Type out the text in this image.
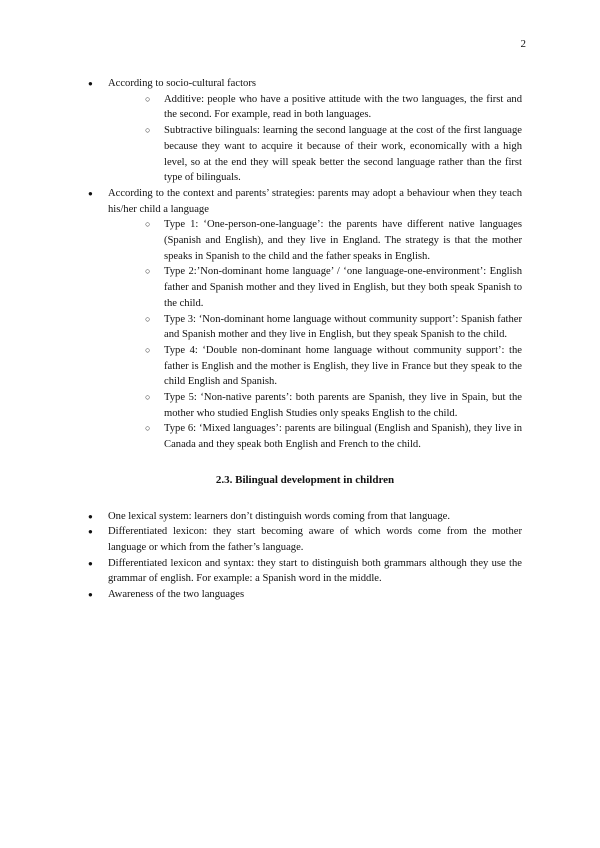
2
● According to socio-cultural factors
○ Additive: people who have a positive attitude with the two languages, the first and the second. For example, read in both languages.
○ Subtractive bilinguals: learning the second language at the cost of the first language because they want to acquire it because of their work, economically with a high level, so at the end they will speak better the second language rather than the first type of bilinguals.
● According to the context and parents’ strategies: parents may adopt a behaviour when they teach his/her child a language
○ Type 1: ‘One-person-one-language’: the parents have different native languages (Spanish and English), and they live in England. The strategy is that the mother speaks in Spanish to the child and the father speaks in English.
○ Type 2:’Non-dominant home language’ / ‘one language-one-environment’: English father and Spanish mother and they lived in English, but they both speak Spanish to the child.
○ Type 3: ‘Non-dominant home language without community support’: Spanish father and Spanish mother and they live in English, but they speak Spanish to the child.
○ Type 4: ‘Double non-dominant home language without community support’: the father is English and the mother is English, they live in France but they speak to the child English and Spanish.
○ Type 5: ‘Non-native parents’: both parents are Spanish, they live in Spain, but the mother who studied English Studies only speaks English to the child.
○ Type 6: ‘Mixed languages’: parents are bilingual (English and Spanish), they live in Canada and they speak both English and French to the child.
2.3. Bilingual development in children
● One lexical system: learners don’t distinguish words coming from that language.
● Differentiated lexicon: they start becoming aware of which words come from the mother language or which from the father’s language.
● Differentiated lexicon and syntax: they start to distinguish both grammars although they use the grammar of english. For example: a Spanish word in the middle.
● Awareness of the two languages
